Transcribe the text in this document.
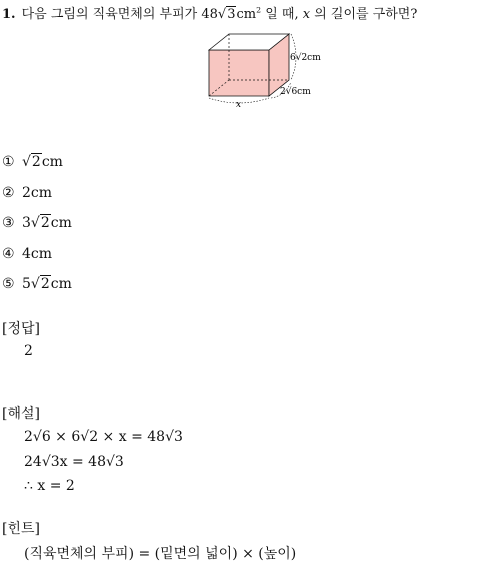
1. 다음 그림의 직육면체의 부피가 $48√3cm^2$ 일 때, x 의 길이를 구하면?
6√2cm
2√6cm
x
① √2cm
② 2cm
③ 3√2cm
④ 4cm
⑤ 5√2cm
[정답]
2
[해설]
2√6 × 6√2 × x = 48√3
24√3x = 48√3
∴ x = 2
[힌트]
(직육면체의 부피) = (밑면의 넓이) × (높이)
